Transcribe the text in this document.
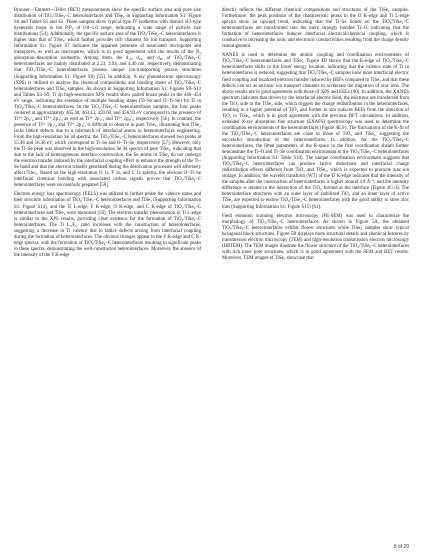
Brunner—Emmett—Teller (BET) measurements show the specific surface area and pore size distribution of TiO₂/TiSe₂–C heterointerfaces and TiSe₂ in Supporting Information S1: Figure S6 and Tables S1 and S2. These samples show typical type IV isotherms with distinct H3-type hysteresis loops in the P/P₀ of 0.8–1.0 range, indicating a wide range of particle size distributions [54]. Additionally, the specific surface area of the TiO₂/TiSe₂–C heterointerfaces is higher than that of TiSe₂, which further provides rich channels for ion transport. Supporting Information S1: Figure S7 indicates the apparent presence of associated micropores and mesopores, as well as macropores, which is in good agreement with the results of the N₂ adsorption–desorption isotherms. Among them, the d₁₀, d₅₀, and d₉₀ of TiO₂/TiSe₂–C heterointerfaces are mainly distributed at 2.23, 3.94, and 4.46 nm, respectively, demonstrating that TiO₂/TiSe₂–C heterointerfaces possess unique ion-transporting porous structures (Supporting Information S1: Figure S8) [55]. In addition, X-ray photoelectron spectroscopy (XPS) is utilized to analyze the chemical compositions and bonding states of TiO₂/TiSe₂–C heterointerfaces and TiSe₂ samples. As shown in Supporting Information S1: Figures S9–S13 and Tables S3–S9, Ti 2p high-resolution XPS results show paired broad peaks in the 466–454 eV range, indicating the existence of multiple bonding states (Ti–Se and O–Ti–Se) for Ti in TiO₂/TiSe₂–C heterointerfaces. In the TiO₂/TiSe₂–C heterointerfaces samples, the four peaks centered at approximately 465.48, 463.13, 459.68, and 456.93 eV correspond to the presence of Ti⁴⁺ 2p₁/₂ and Ti⁴⁺ 2p₃/₂ as well as Ti³⁺ 2p₁/₂ and Ti³⁺ 2p₃/₂, respectively [56]. In contrast, the presence of Ti³⁺ 2p₁/₂ and Ti³⁺ 2p₃/₂ is difficult to observe in pure TiSe₂, illustrating that TiSe₂ lacks lattice defects due to a mismatch of interfacial atoms in heterointerfaces engineering. From the high-resolution Se 3d spectra, the TiO₂/TiSe₂–C heterointerfaces showed two peaks at 55.46 and 56.36 eV, which correspond to Ti–Se and O–Ti–Se, respectively [57]. However, only the Ti–Se peak was observed in the high-resolution Se 3d spectra of pure TiSe₂, indicating that due to the lack of heterogeneous interface construction, the Se atoms in TiSe₂ do not undergo the electron transfer induced by the interfacial coupling effect to enhance the strength of the Ti–Se bond and that the electron transfer generated during the desolvation processes will adversely affect TiSe₂. Based on the high-resolution O 1s, F 1s, and C 1s spectra, the obvious O–Ti–Se interfacial chemical bonding with associated carbon signals proves that TiO₂/TiSe₂–C heterointerfaces were successfully prepared [58].

Electron energy loss spectroscopy (EELS) was utilized to further probe the valence states and their structure information of TiO₂/TiSe₂–C heterointerfaces and TiSe₂ (Supporting Information S1: Figure S14), and the Ti L-edge, F K-edge, O K-edge, and C K-edge of TiO₂/TiSe₂–C heterointerfaces and TiSe₂ were measured [59]. The electron transfer phenomenon in Ti L-edge is similar to the XPS results, providing clear evidence for the formation of TiO₂/TiSe₂–C heterointerfaces. The Ti L₃/L₂ ratio increases with the construction of heterointerfaces, suggesting a decrease in Ti valence due to lattice defects arising from interfacial coupling during the formation of heterointerfaces. The obvious changes appear in the F K-edge and C K-edge spectra, with the formation of TiO₂/TiSe₂–C heterointerfaces resulting in significant peaks in these spectra, demonstrating the well-constructed heterointerfaces. Moreover, the absence of the intensity of the F K-edge

directly reflects the different chemical compositions and structures of the TiSe₂ samples. Furthermore, the peak positions of the characteristic peaks in the O K-edge and Ti L-edge spectra show an upward trend, indicating that the Ti–Se bonds on the TiO₂/TiSe₂–C heterointerfaces are transformed into the more strongly bonded Ti–O, indicating that the formation of heterointerfaces induces interfacial electrical/chemical coupling, which is conducive to increasing the ionic and electronic conductivities resulting from the charge density rearrangement.

XANES is used to determine the atomic coupling and coordination environments of TiO₂/TiSe₂–C heterointerfaces and TiSe₂. Figure 4D shows that the K-edge of TiO₂/TiSe₂–C heterointerfaces shifts to the lower energy location, indicating that the valence state of Ti in heterointerfaces is reduced, suggesting that TiO₂/TiSe₂–C samples have more interfacial electric field coupling and localized electron transfer induced by BEFs compared to TiSe₂ and that these defects can act as intrinsic ion transport channels to accelerate the migration of zinc ions. The above results are in good agreement with those of XPS and EELs [60]. In addition, the XANES spectrum indicates that driven by the interfacial electric field, the electrons are transferred from the TiO₂ side to the TiSe₂ side, which triggers the charge redistribution in the heterointerfaces, resulting in a higher potential of TiO₂ and further in situ induces BEFs from the direction of TiO₂ to TiSe₂, which is in good agreement with the previous DFT calculations. In addition, extended X-ray absorption fine structure (EXAFS) spectroscopy was used to determine the coordination environments of the heterointerfaces (Figure 4E,F). The fluctuations of the K-fit of the TiO₂/TiSe₂–C heterointerfaces are close to those of TiO₂ and TiSe₂, suggesting the successful introduction of the heterointerfaces. In addition, for the TiO₂/TiSe₂–C heterointerfaces, the fitted parameters of the R-space in the first coordination sheath further demonstrate the Ti–O and Ti–Se coordination environment in the TiO₂/TiSe₂–C heterointerfaces (Supporting Information S1: Table S10). The unique coordination environment suggests that TiO₂/TiSe₂–C heterointerfaces can produce lattice distortions and interfacial charge redistribution effects different from TiO₂ and TiSe₂, which is expected to promote zinc-ion storage. In addition, the wavelet transform (WT) of the Ti K-edge indicates that the intensity of the samples after the construction of heterointerfaces is higher around 4.8 Å⁻¹, and the intensity difference is related to the interaction of the TiO₂ formed at the interface (Figure 4G–I). The heterointerface structures with an outer layer of stabilized TiO₂ and an inner layer of active TiSe₂ are expected to endow TiO₂/TiSe₂–C heterointerfaces with the good ability to store zinc ions (Supporting Information S1: Figure S15) [61].

Field emission scanning electron microscopy (FE-SEM) was used to characterize the morphology of TiO₂/TiSe₂–C heterointerfaces. As shown in Figure 5A, the obtained TiO₂/TiSe₂–C heterointerfaces exhibit flower structures while TiSe₂ samples show typical hexagonal block structures. Figure 5B displays more structural details and chemical features by transmission electron microscopy (TEM) and high-resolution transmission electron microscopy (HRTEM). The TEM images illustrate the flower structure of the TiO₂/TiSe₂–C heterointerfaces with rich inner pore structures, which is in good agreement with the SEM and BET results. Moreover, TEM images of TiSe₂ showcase that

9 of 20
